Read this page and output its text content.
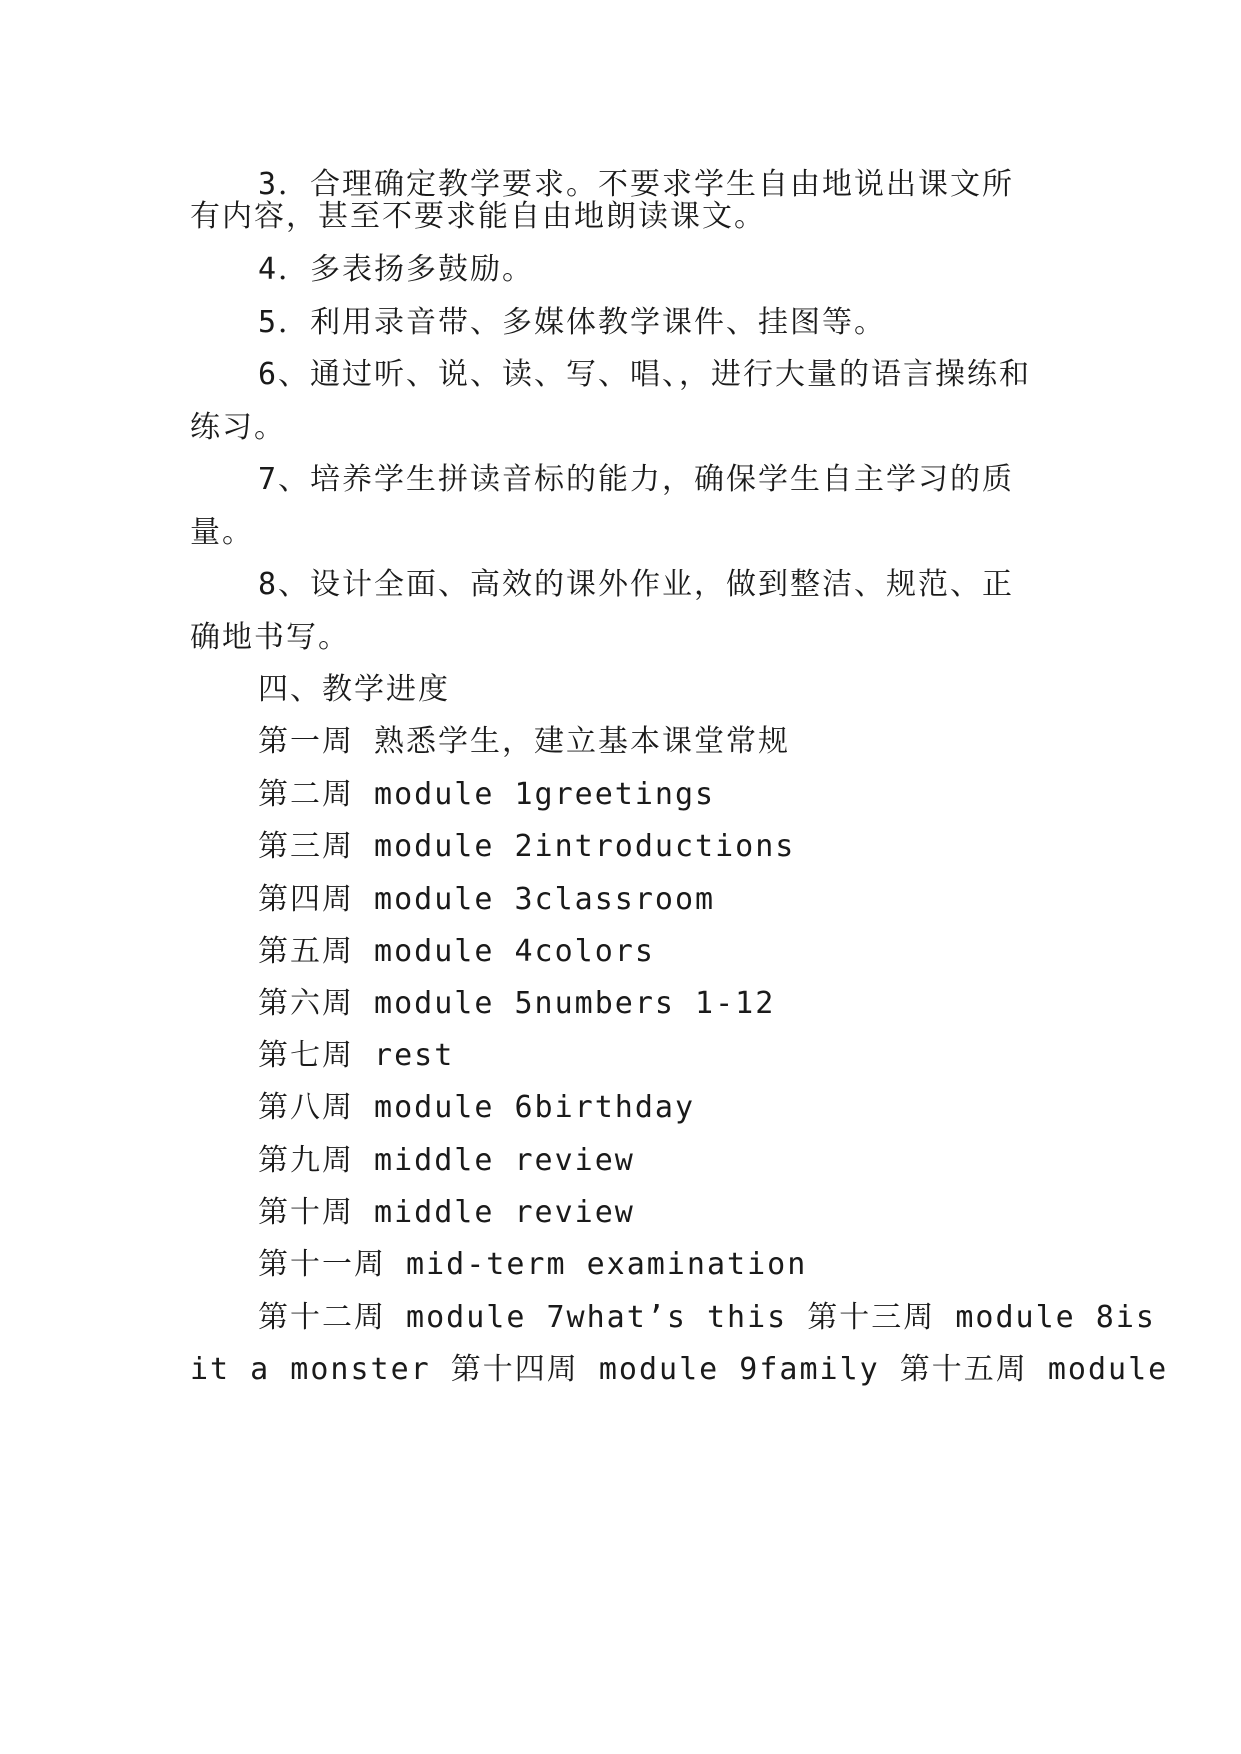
3．合理确定教学要求。不要求学生自由地说出课文所
有内容，甚至不要求能自由地朗读课文。
4．多表扬多鼓励。
5．利用录音带、多媒体教学课件、挂图等。
6、通过听、说、读、写、唱、，进行大量的语言操练和
练习。
7、培养学生拼读音标的能力，确保学生自主学习的质
量。
8、设计全面、高效的课外作业，做到整洁、规范、正
确地书写。
四、教学进度
第一周 熟悉学生，建立基本课堂常规
第二周 module 1greetings
第三周 module 2introductions
第四周 module 3classroom
第五周 module 4colors
第六周 module 5numbers 1-12
第七周 rest
第八周 module 6birthday
第九周 middle review
第十周 middle review
第十一周 mid-term examination
第十二周 module 7what’s this 第十三周 module 8is
it a monster 第十四周 module 9family 第十五周 module
